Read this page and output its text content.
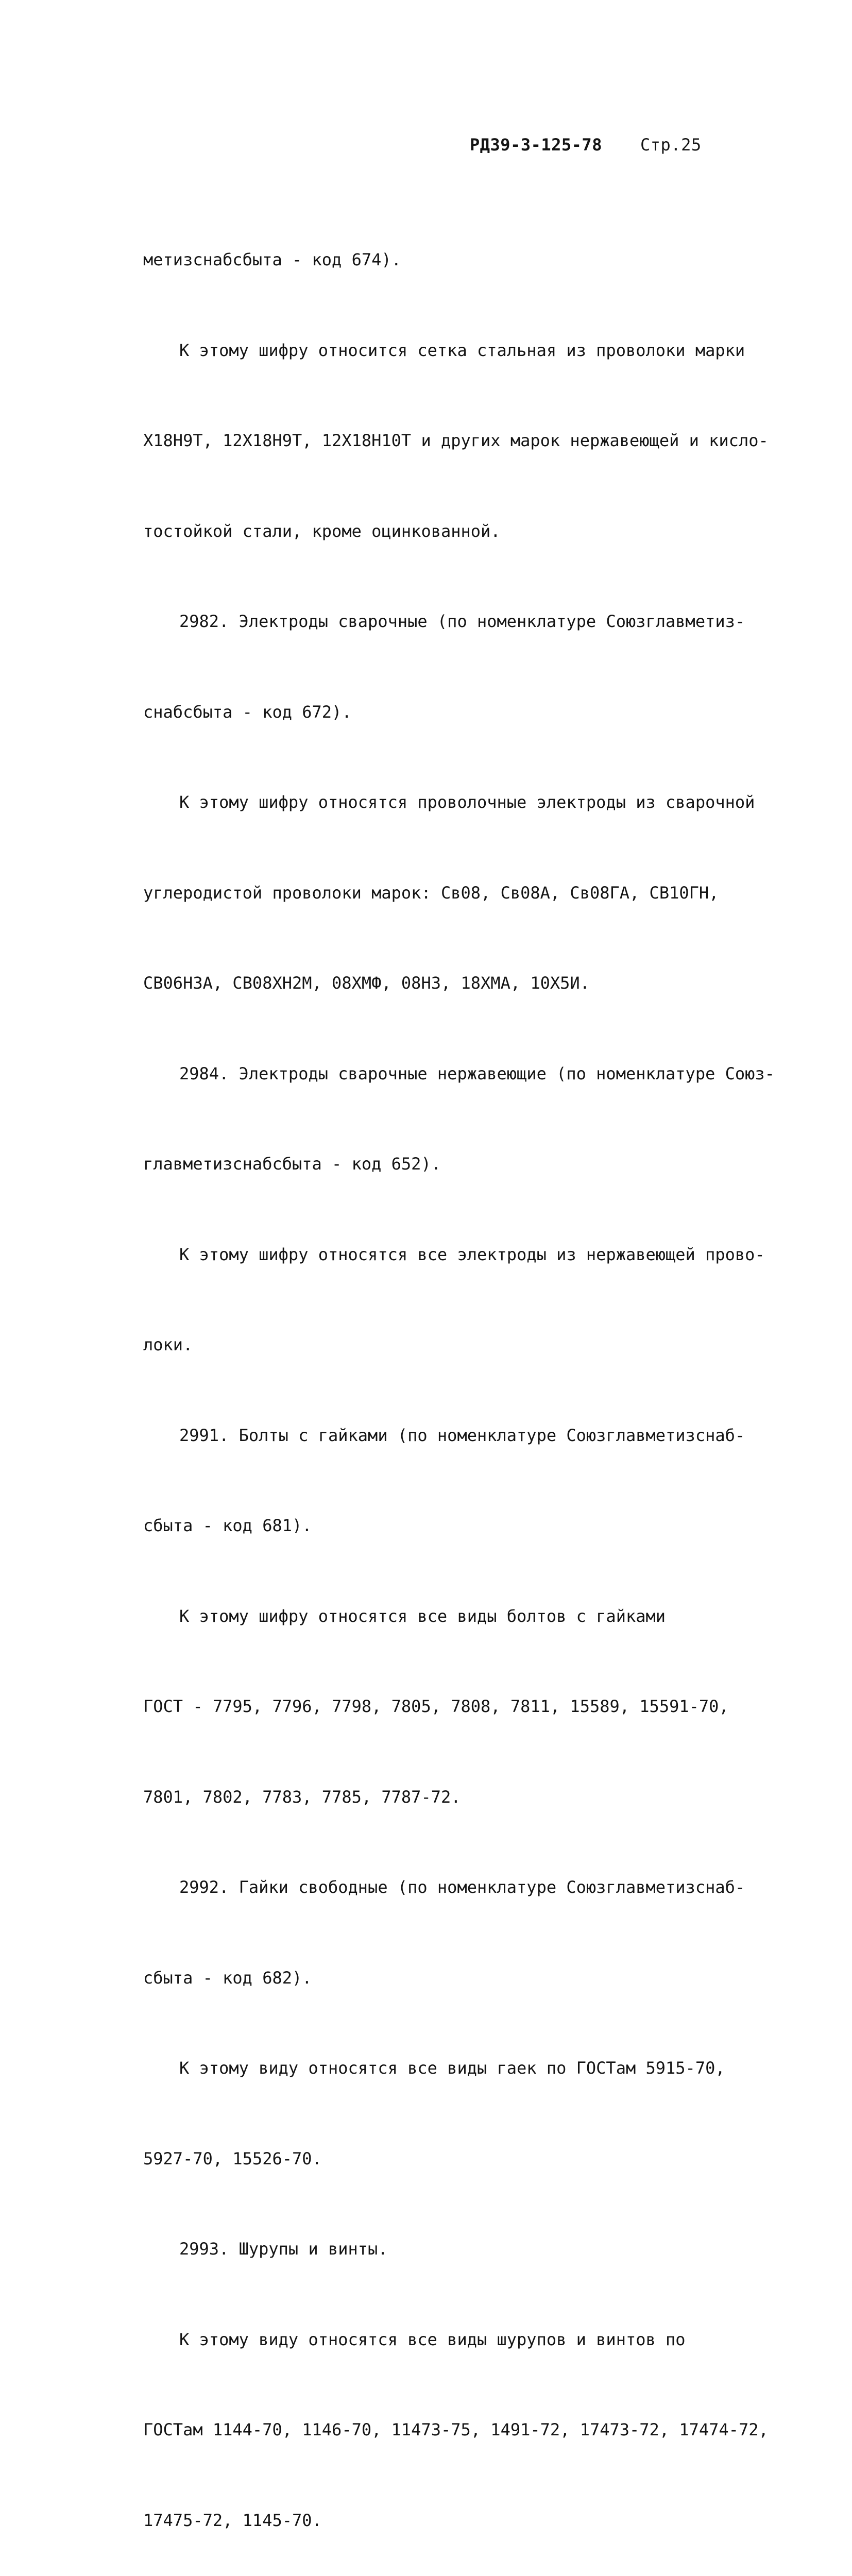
РД39-3-125-78 Стр.25

метизснабсбыта - код 674).

К этому шифру относится сетка стальная из проволоки марки

Х18Н9Т, 12Х18Н9Т, 12Х18Н10Т и других марок нержавеющей и кисло-

тостойкой стали, кроме оцинкованной.

2982. Электроды сварочные (по номенклатуре Союзглавметиз-

снабсбыта - код 672).

К этому шифру относятся проволочные электроды из сварочной

углеродистой проволоки марок: Св08, Св08А, Св08ГА, СВ10ГН,

СВ06Н3А, СВ08ХН2М, 08ХМФ, 08Н3, 18ХМА, 10Х5И.

2984. Электроды сварочные нержавеющие (по номенклатуре Союз-

главметизснабсбыта - код 652).

К этому шифру относятся все электроды из нержавеющей прово-

локи.

2991. Болты с гайками (по номенклатуре Союзглавметизснаб-

сбыта - код 681).

К этому шифру относятся все виды болтов с гайками

ГОСТ - 7795, 7796, 7798, 7805, 7808, 7811, 15589, 15591-70,

7801, 7802, 7783, 7785, 7787-72.

2992. Гайки свободные (по номенклатуре Союзглавметизснаб-

сбыта - код 682).

К этому виду относятся все виды гаек по ГОСТам 5915-70,

5927-70, 15526-70.

2993. Шурупы и винты.

К этому виду относятся все виды шурупов и винтов по

ГОСТам 1144-70, 1146-70, 11473-75, 1491-72, 17473-72, 17474-72,

17475-72, 1145-70.
